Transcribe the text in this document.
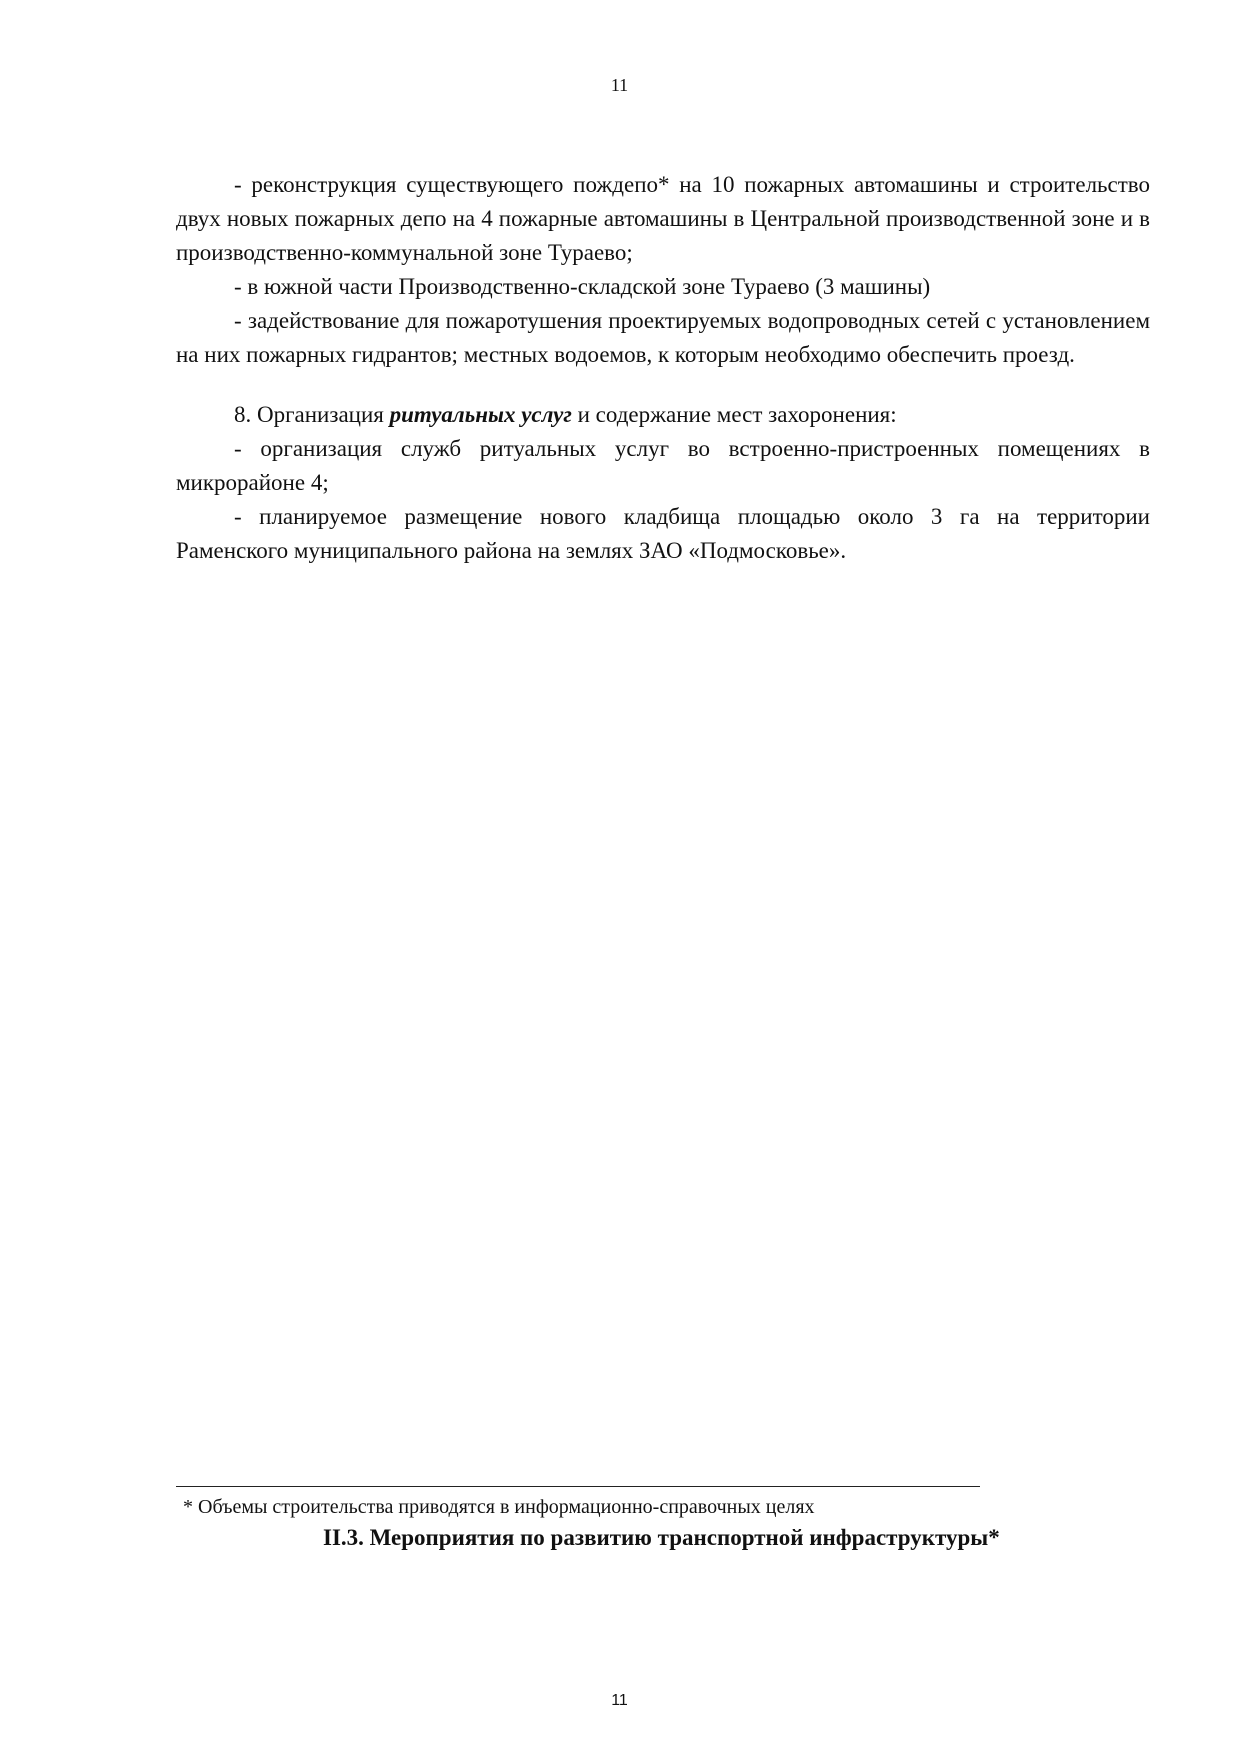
11

- реконструкция существующего пождепо* на 10 пожарных автомашины и строительство двух новых пожарных депо на 4 пожарные автомашины в Центральной производственной зоне и в производственно-коммунальной зоне Тураево;

- в южной части Производственно-складской зоне Тураево (3 машины)

- задействование для пожаротушения проектируемых водопроводных сетей с установлением на них пожарных гидрантов; местных водоемов, к которым необходимо обеспечить проезд.

8. Организация ритуальных услуг и содержание мест захоронения:

- организация служб ритуальных услуг во встроенно-пристроенных помещениях в микрорайоне 4;

- планируемое размещение нового кладбища площадью около 3 га на территории Раменского муниципального района на землях ЗАО «Подмосковье».

* Объемы строительства приводятся в информационно-справочных целях
II.3. Мероприятия по развитию транспортной инфраструктуры*
11
